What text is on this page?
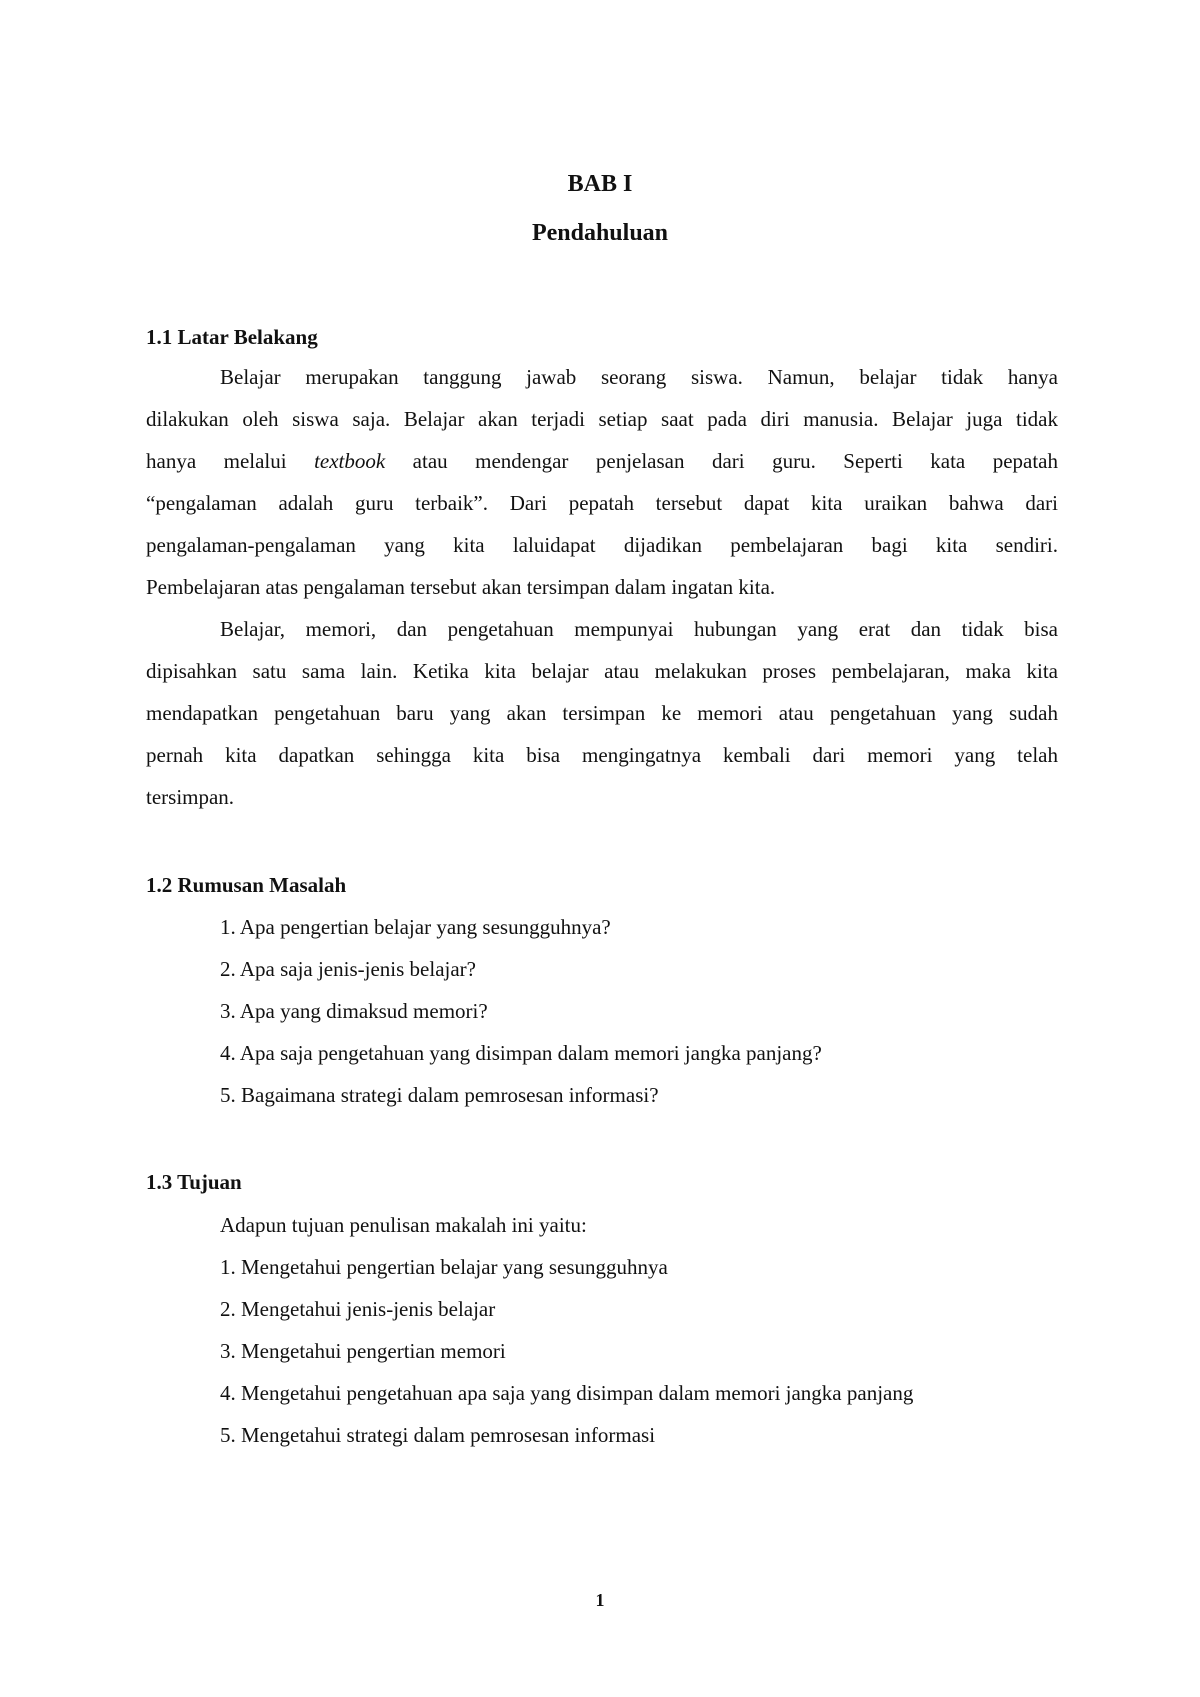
BAB I
Pendahuluan
1.1 Latar Belakang
Belajar merupakan tanggung jawab seorang siswa. Namun, belajar tidak hanya
dilakukan oleh siswa saja. Belajar akan terjadi setiap saat pada diri manusia. Belajar juga tidak
hanya melalui textbook atau mendengar penjelasan dari guru. Seperti kata pepatah
“pengalaman adalah guru terbaik”. Dari pepatah tersebut dapat kita uraikan bahwa dari
pengalaman-pengalaman yang kita laluidapat dijadikan pembelajaran bagi kita sendiri.
Pembelajaran atas pengalaman tersebut akan tersimpan dalam ingatan kita.
Belajar, memori, dan pengetahuan mempunyai hubungan yang erat dan tidak bisa
dipisahkan satu sama lain. Ketika kita belajar atau melakukan proses pembelajaran, maka kita
mendapatkan pengetahuan baru yang akan tersimpan ke memori atau pengetahuan yang sudah
pernah kita dapatkan sehingga kita bisa mengingatnya kembali dari memori yang telah
tersimpan.
1.2 Rumusan Masalah
1. Apa pengertian belajar yang sesungguhnya?
2. Apa saja jenis-jenis belajar?
3. Apa yang dimaksud memori?
4. Apa saja pengetahuan yang disimpan dalam memori jangka panjang?
5. Bagaimana strategi dalam pemrosesan informasi?
1.3 Tujuan
Adapun tujuan penulisan makalah ini yaitu:
1. Mengetahui pengertian belajar yang sesungguhnya
2. Mengetahui jenis-jenis belajar
3. Mengetahui pengertian memori
4. Mengetahui pengetahuan apa saja yang disimpan dalam memori jangka panjang
5. Mengetahui strategi dalam pemrosesan informasi
1
